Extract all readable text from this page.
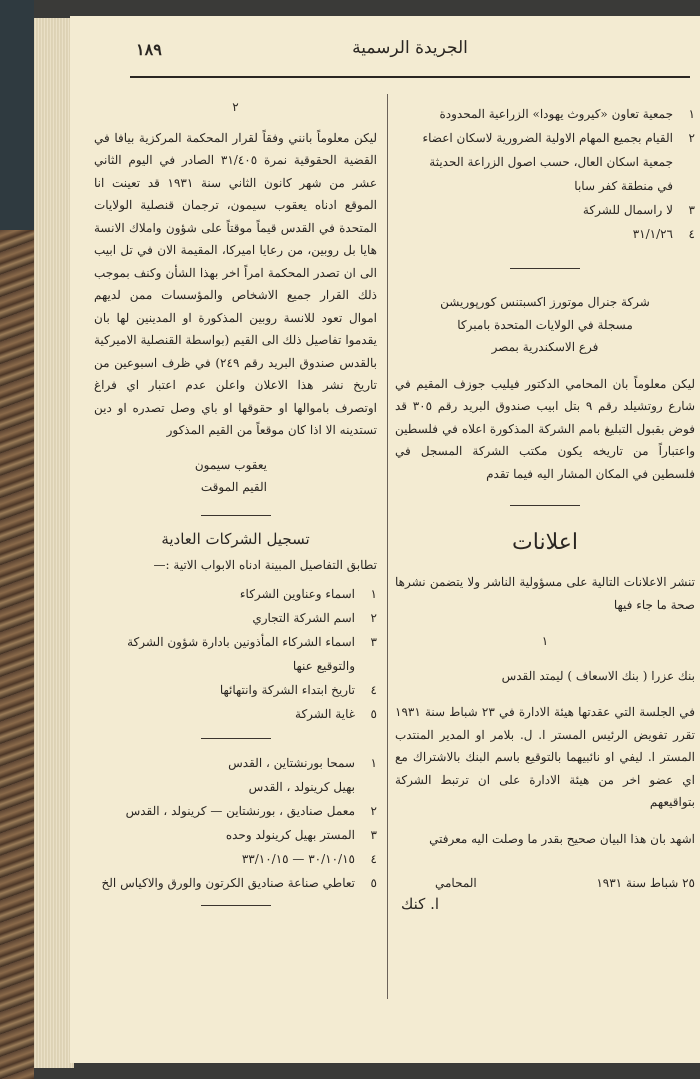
١٨٩	الجريدة الرسمية
١
جمعية تعاون «كيروث يهودا» الزراعية المحدودة
٢
القيام بجميع المهام الاولية الضرورية لاسكان اعضاء
جمعية اسكان العال، حسب اصول الزراعة الحديثة
في منطقة كفر سابا
٣
لا راسمال للشركة
٤
٣١/١/٢٦
شركة جنرال موتورز اكسبتنس كورپوريشن
مسجلة في الولايات المتحدة بامبركا
فرع الاسكندرية بمصر

ليكن معلوماً بان المحامي الدكتور فيليب جوزف المقيم في شارع روتشيلد رقم ٩ بتل ابيب صندوق البريد رقم ٣٠٥ قد فوض بقبول التبليغ بامم الشركة المذكورة اعلاه في فلسطين واعتباراً من تاريخه يكون مكتب الشركة المسجل في فلسطين في المكان المشار اليه فيما تقدم

اعلانات

تنشر الاعلانات التالية على مسؤولية الناشر ولا يتضمن نشرها صحة ما جاء فيها

١
بنك عزرا ( بنك الاسعاف ) ليمتد القدس

في الجلسة التي عقدتها هيئة الادارة في ٢٣ شباط سنة ١٩٣١ تقرر تفويض الرئيس المستر ا. ل. بلامر او المدير المنتدب المستر ا. ليفي او نائبيهما بالتوقيع باسم البنك بالاشتراك مع اي عضو اخر من هيئة الادارة على ان ترتبط الشركة بتواقيعهم

اشهد بان هذا البيان صحيح بقدر ما وصلت اليه معرفتي
٢٥ شباط سنة ١٩٣١
المحامي
ا. كنك
٢

ليكن معلوماً بانني وفقاً لقرار المحكمة المركزية بيافا في القضية الحقوقية نمرة ٣١/٤٠٥ الصادر في اليوم الثاني عشر من شهر كانون الثاني سنة ١٩٣١ قد تعينت انا الموقع ادناه يعقوب سيمون، ترجمان قنصلية الولايات المتحدة في القدس قيماً موقتاً على شؤون واملاك الانسة هايا بل روبين، من رعايا اميركا، المقيمة الان في تل ابيب الى ان تصدر المحكمة امراً اخر بهذا الشأن وكنف بموجب ذلك القرار جميع الاشخاص والمؤسسات ممن لديهم اموال تعود للانسة روبين المذكورة او المدينين لها بان يقدموا تفاصيل ذلك الى القيم (بواسطة القنصلية الاميركية بالقدس صندوق البريد رقم ٢٤٩) في ظرف اسبوعين من تاريخ نشر هذا الاعلان واعلن عدم اعتبار اي فراغ اوتصرف باموالها او حقوقها او باي وصل تصدره او دين تستدينه الا اذا كان موقعاً من القيم المذكور

يعقوب سيمون
القيم الموقت
تسجيل الشركات العادية
تطابق التفاصيل المبينة ادناه الابواب الاتية :—
١
اسماء وعناوين الشركاء
٢
اسم الشركة التجاري
٣
اسماء الشركاء المأذونين بادارة شؤون الشركة
والتوقيع عنها
٤
تاريخ ابتداء الشركة وانتهائها
٥
غاية الشركة
١
سمحا بورنشتاين ، القدس
بهيل كرينولد ، القدس
٢
معمل صناديق ، بورنشتاين — كرينولد ، القدس
٣
المستر بهيل كرينولد وحده
٤
٣٠/١٠/١٥ — ٣٣/١٠/١٥
٥
تعاطي صناعة صناديق الكرتون والورق والاكياس الخ
